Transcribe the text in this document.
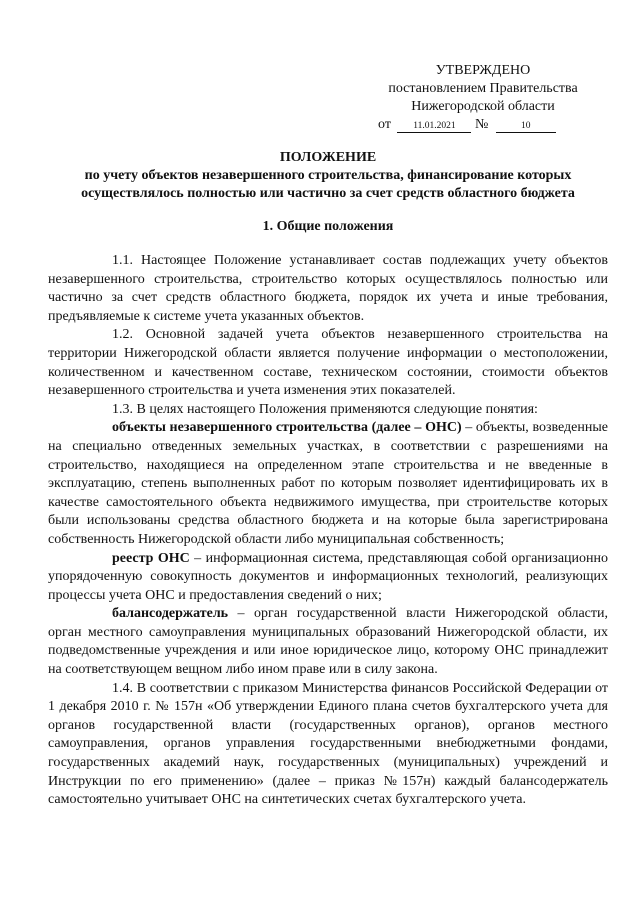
УТВЕРЖДЕНО
постановлением Правительства
Нижегородской области
от 11.01.2021 №	10
ПОЛОЖЕНИЕ
по учету объектов незавершенного строительства, финансирование которых
осуществлялось полностью или частично за счет средств областного бюджета
1. Общие положения

1.1. Настоящее Положение устанавливает состав подлежащих учету объектов незавершенного строительства, строительство которых осуществлялось полностью или частично за счет средств областного бюджета, порядок их учета и иные требования, предъявляемые к системе учета указанных объектов.

1.2. Основной задачей учета объектов незавершенного строительства на территории Нижегородской области является получение информации о местоположении, количественном и качественном составе, техническом состоянии, стоимости объектов незавершенного строительства и учета изменения этих показателей.

1.3. В целях настоящего Положения применяются следующие понятия:

объекты незавершенного строительства (далее – ОНС) – объекты, возведенные на специально отведенных земельных участках, в соответствии с разрешениями на строительство, находящиеся на определенном этапе строительства и не введенные в эксплуатацию, степень выполненных работ по которым позволяет идентифицировать их в качестве самостоятельного объекта недвижимого имущества, при строительстве которых были использованы средства областного бюджета и на которые была зарегистрирована собственность Нижегородской области либо муниципальная собственность;

реестр ОНС – информационная система, представляющая собой организационно упорядоченную совокупность документов и информационных технологий, реализующих процессы учета ОНС и предоставления сведений о них;

балансодержатель – орган государственной власти Нижегородской области, орган местного самоуправления муниципальных образований Нижегородской области, их подведомственные учреждения и или иное юридическое лицо, которому ОНС принадлежит на соответствующем вещном либо ином праве или в силу закона.

1.4. В соответствии с приказом Министерства финансов Российской Федерации от 1 декабря 2010 г. № 157н «Об утверждении Единого плана счетов бухгалтерского учета для органов государственной власти (государственных органов), органов местного самоуправления, органов управления государственными внебюджетными фондами, государственных академий наук, государственных (муниципальных) учреждений и Инструкции по его применению» (далее – приказ №157н) каждый балансодержатель самостоятельно учитывает ОНС на синтетических счетах бухгалтерского учета.
